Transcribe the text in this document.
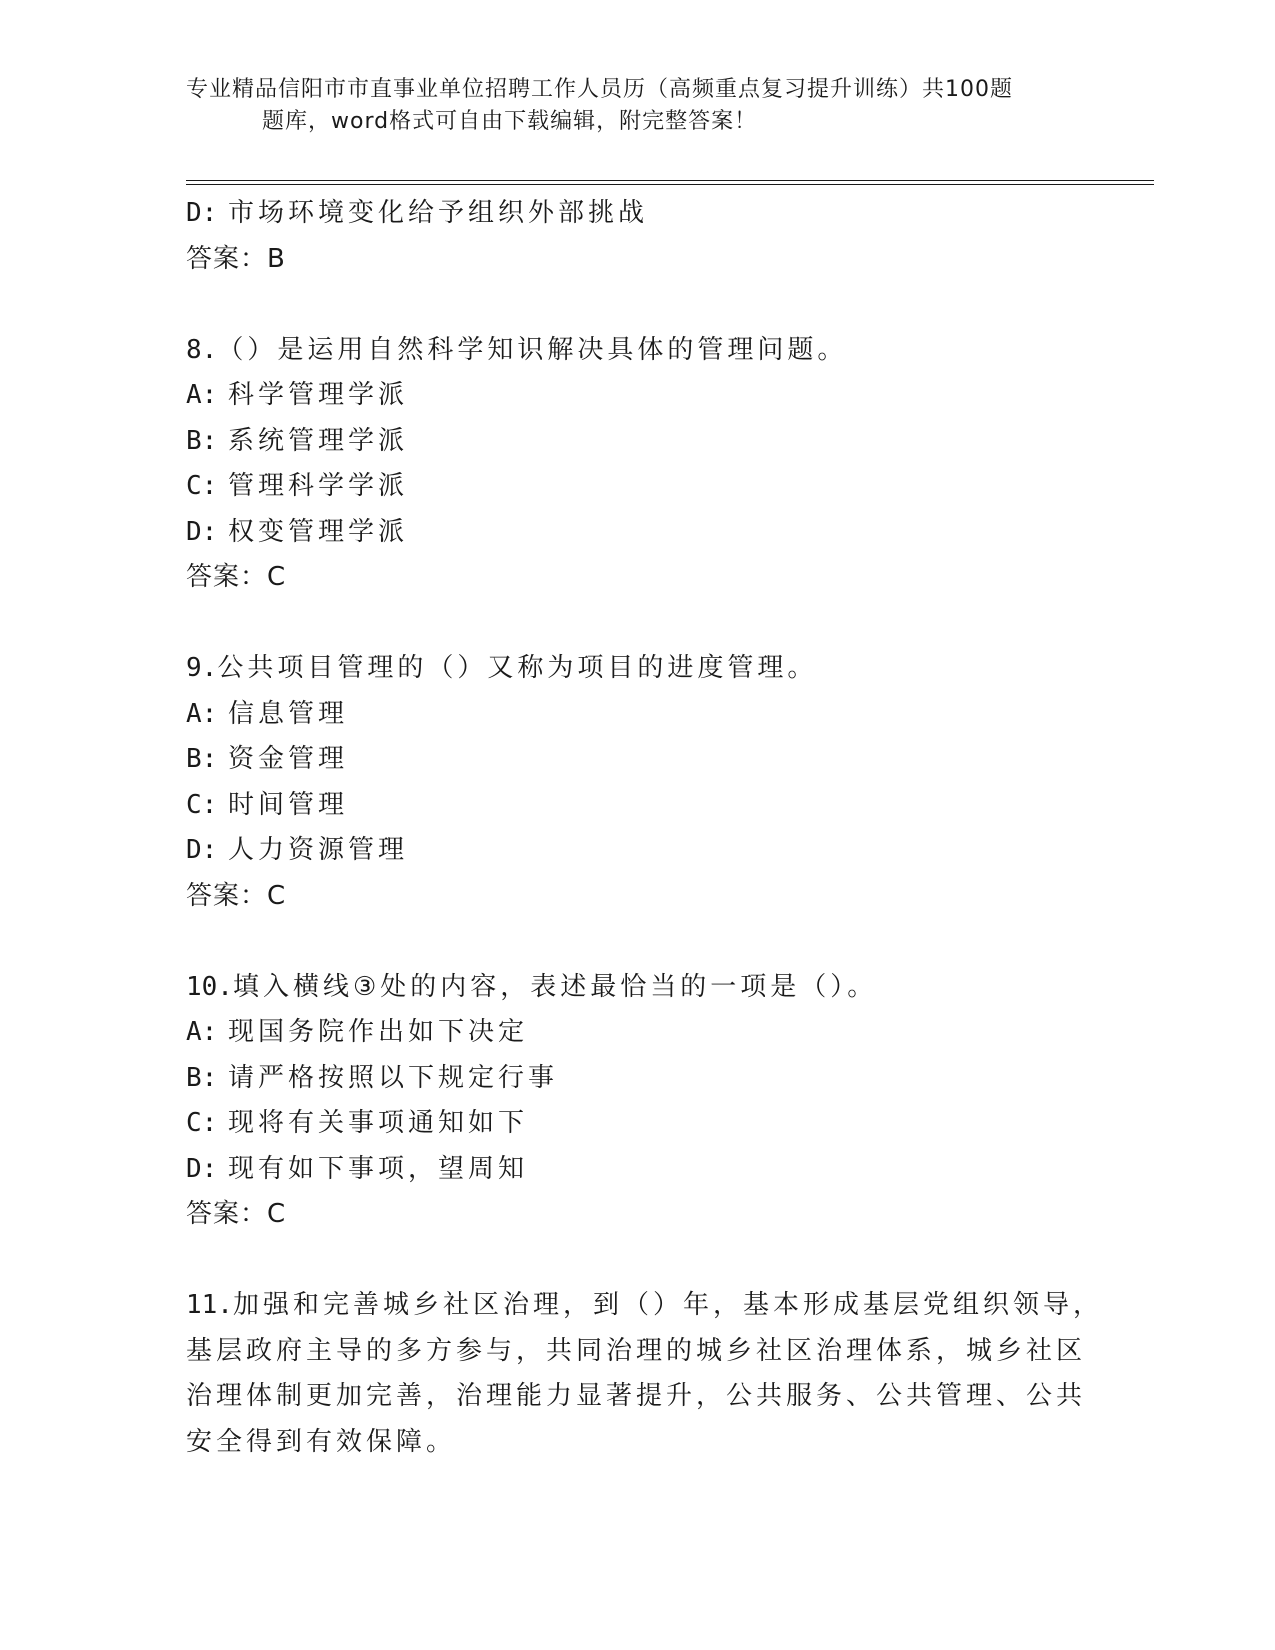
专业精品信阳市市直事业单位招聘工作人员历（高频重点复习提升训练）共100题
题库，word格式可自由下载编辑，附完整答案！
D: 市场环境变化给予组织外部挑战
答案：B
8.（）是运用自然科学知识解决具体的管理问题。
A: 科学管理学派
B: 系统管理学派
C: 管理科学学派
D: 权变管理学派
答案：C
9.公共项目管理的（）又称为项目的进度管理。
A: 信息管理
B: 资金管理
C: 时间管理
D: 人力资源管理
答案：C
10.填入横线③处的内容，表述最恰当的一项是（）。
A: 现国务院作出如下决定
B: 请严格按照以下规定行事
C: 现将有关事项通知如下
D: 现有如下事项，望周知
答案：C
11.加强和完善城乡社区治理，到（）年，基本形成基层党组织领导，
基层政府主导的多方参与，共同治理的城乡社区治理体系，城乡社区
治理体制更加完善，治理能力显著提升，公共服务、公共管理、公共
安全得到有效保障。
